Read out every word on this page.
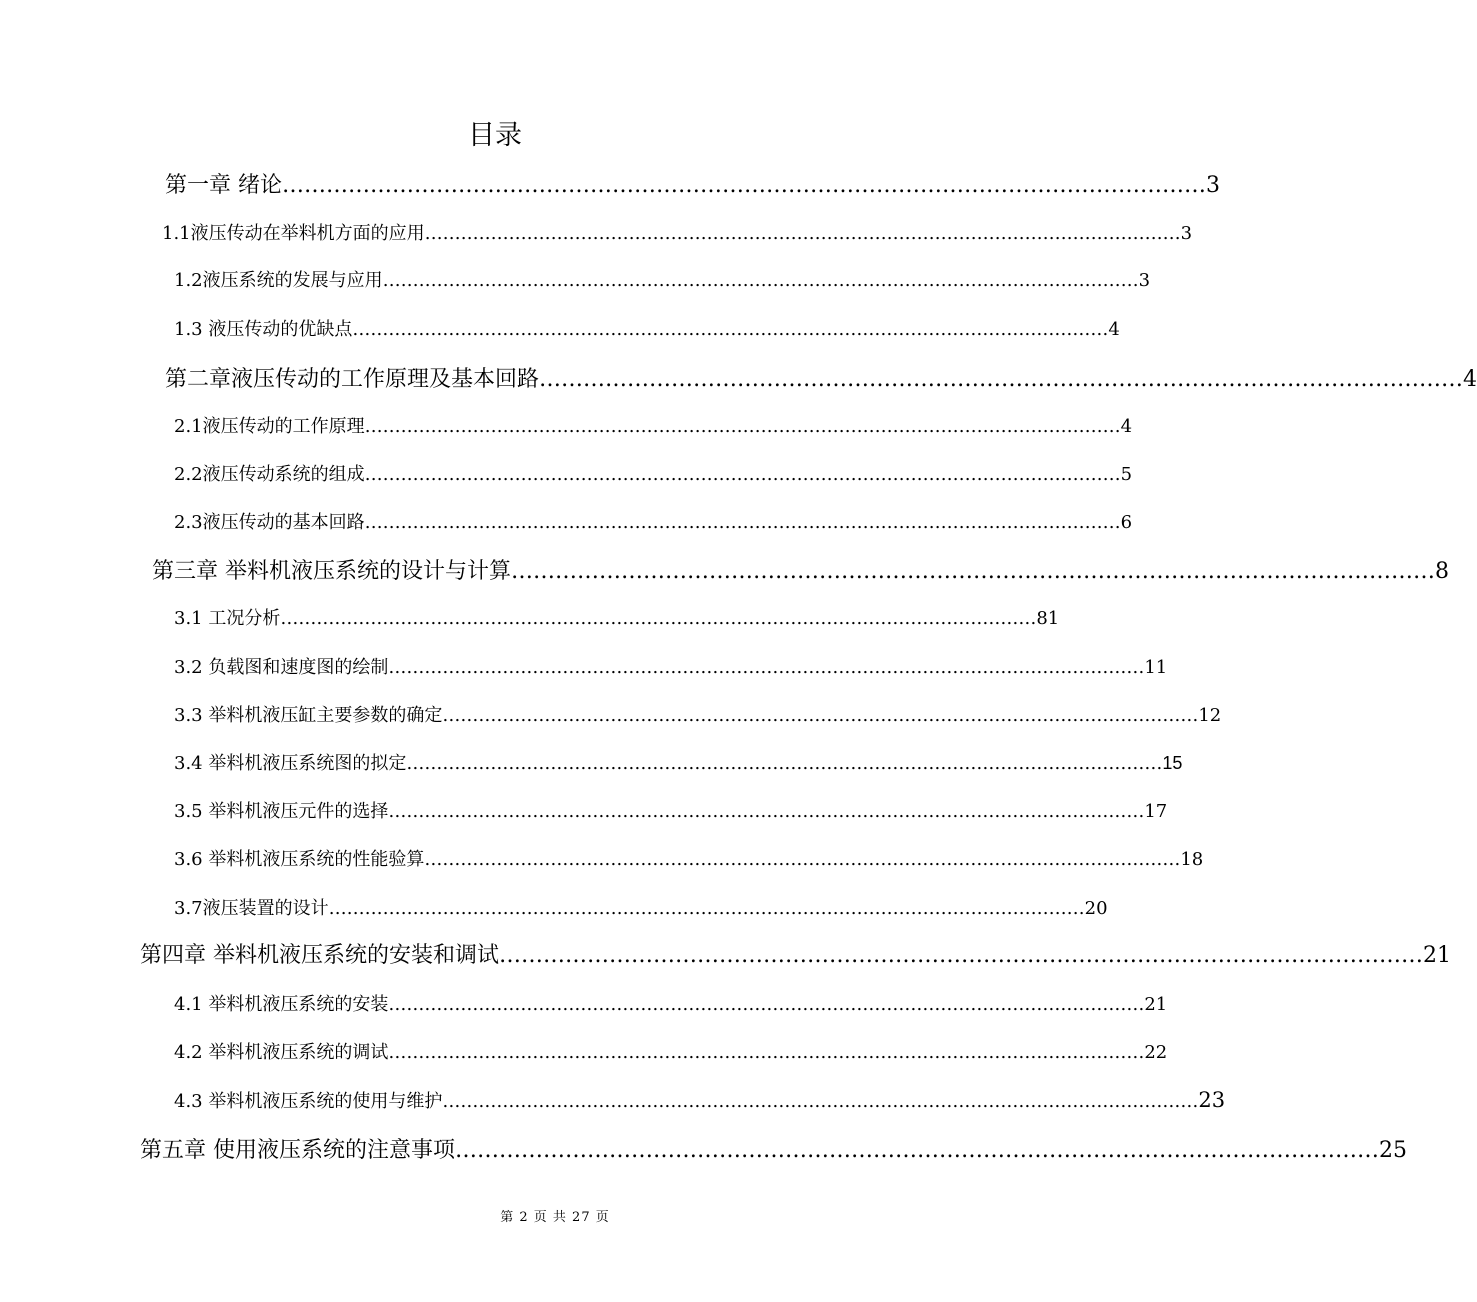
目录
第一章 绪论 ……………………………………………………………………………………………………………… 3
1.1液压传动在举料机方面的应用 ……………………………………………………………………………………………………………… 3
1.2液压系统的发展与应用 ……………………………………………………………………………………………………………… 3
1.3 液压传动的优缺点 ……………………………………………………………………………………………………………… 4
第二章液压传动的工作原理及基本回路 ……………………………………………………………………………………………………………… 4
2.1液压传动的工作原理 ……………………………………………………………………………………………………………… 4
2.2液压传动系统的组成 ……………………………………………………………………………………………………………… 5
2.3液压传动的基本回路 ……………………………………………………………………………………………………………… 6
第三章 举料机液压系统的设计与计算 ……………………………………………………………………………………………………………… 8
3.1 工况分析 ……………………………………………………………………………………………………………… 81
3.2 负载图和速度图的绘制 ……………………………………………………………………………………………………………… 11
3.3 举料机液压缸主要参数的确定 ……………………………………………………………………………………………………………… 12
3.4 举料机液压系统图的拟定 ……………………………………………………………………………………………………………… 15
3.5 举料机液压元件的选择 ……………………………………………………………………………………………………………… 17
3.6 举料机液压系统的性能验算 ……………………………………………………………………………………………………………… 18
3.7液压装置的设计 ……………………………………………………………………………………………………………… 20
第四章 举料机液压系统的安装和调试 ……………………………………………………………………………………………………………… 21
4.1 举料机液压系统的安装 ……………………………………………………………………………………………………………… 21
4.2 举料机液压系统的调试 ……………………………………………………………………………………………………………… 22
4.3 举料机液压系统的使用与维护 ……………………………………………………………………………………………………………… 23
第五章 使用液压系统的注意事项 ……………………………………………………………………………………………………………… 25
第 2 页 共 27 页
